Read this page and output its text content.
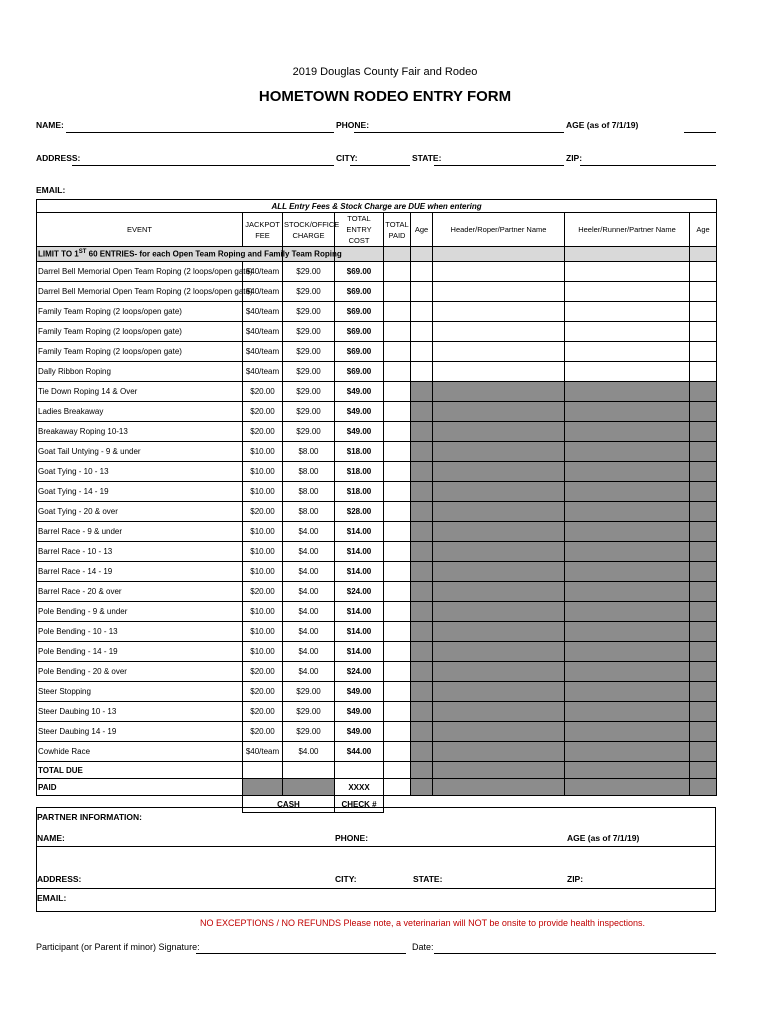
2019 Douglas County Fair and Rodeo
HOMETOWN RODEO ENTRY FORM
NAME:	PHONE:	AGE (as of 7/1/19)
ADDRESS:	CITY:	STATE:	ZIP:
EMAIL:
ALL Entry Fees & Stock Charge are DUE when entering								
EVENT	JACKPOT FEE	STOCK/OFFICE CHARGE	TOTAL ENTRY COST	TOTAL PAID	Age	Header/Roper/Partner Name	Heeler/Runner/Partner Name	Age
LIMIT TO 1ST 60 ENTRIES- for each Open Team Roping and Family Team Roping								
Darrel Bell Memorial Open Team Roping (2 loops/open gate)	$40/team	$29.00	$69.00					
Darrel Bell Memorial Open Team Roping (2 loops/open gate)	$40/team	$29.00	$69.00					
Family Team Roping (2 loops/open gate)	$40/team	$29.00	$69.00					
Family Team Roping (2 loops/open gate)	$40/team	$29.00	$69.00					
Family Team Roping (2 loops/open gate)	$40/team	$29.00	$69.00					
Dally Ribbon Roping	$40/team	$29.00	$69.00					
Tie Down Roping 14 & Over	$20.00	$29.00	$49.00					
Ladies Breakaway	$20.00	$29.00	$49.00					
Breakaway Roping 10-13	$20.00	$29.00	$49.00					
Goat Tail Untying - 9 & under	$10.00	$8.00	$18.00					
Goat Tying - 10 - 13	$10.00	$8.00	$18.00					
Goat Tying - 14 - 19	$10.00	$8.00	$18.00					
Goat Tying - 20 & over	$20.00	$8.00	$28.00					
Barrel Race - 9 & under	$10.00	$4.00	$14.00					
Barrel Race - 10 - 13	$10.00	$4.00	$14.00					
Barrel Race - 14 - 19	$10.00	$4.00	$14.00					
Barrel Race - 20 & over	$20.00	$4.00	$24.00					
Pole Bending - 9 & under	$10.00	$4.00	$14.00					
Pole Bending - 10 - 13	$10.00	$4.00	$14.00					
Pole Bending - 14 - 19	$10.00	$4.00	$14.00					
Pole Bending - 20 & over	$20.00	$4.00	$24.00					
Steer Stopping	$20.00	$29.00	$49.00					
Steer Daubing 10 - 13	$20.00	$29.00	$49.00					
Steer Daubing 14 - 19	$20.00	$29.00	$49.00					
Cowhide Race	$40/team	$4.00	$44.00					
TOTAL DUE								
PAID			XXXX					
	CASH		CHECK #					
PARTNER INFORMATION:
NAME:	PHONE:	AGE (as of 7/1/19)
ADDRESS:	CITY:	STATE:	ZIP:
EMAIL:
NO EXCEPTIONS / NO REFUNDS Please note, a veterinarian will NOT be onsite to provide health inspections.
Participant (or Parent if minor) Signature:	Date:
